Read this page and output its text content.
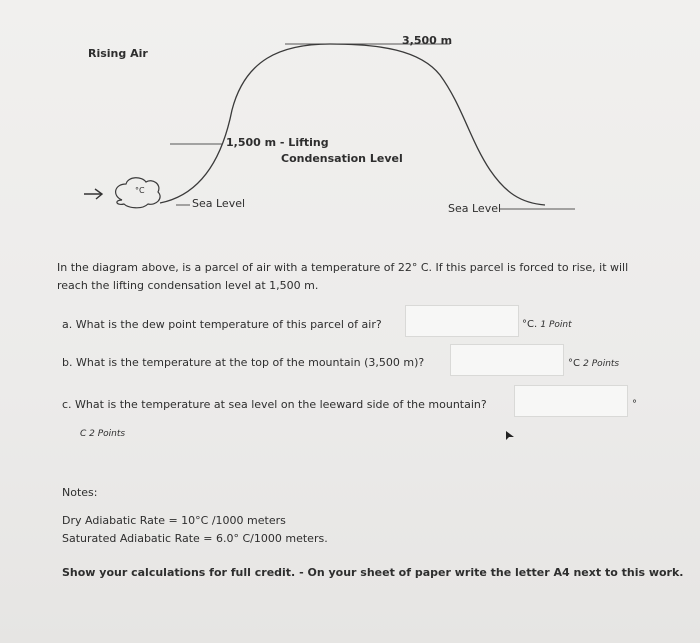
Rising Air
3,500 m
1,500 m - Lifting
Condensation Level
Sea Level	Sea Level
°C
In the diagram above, is a parcel of air with a temperature of 22° C. If this parcel is forced to rise, it will reach the lifting condensation level at 1,500 m.
a. What is the dew point temperature of this parcel of air?	°C. 1 Point
b. What is the temperature at the top of the mountain (3,500 m)?	°C 2 Points
c. What is the temperature at sea level on the leeward side of the mountain?	°
C 2 Points
Notes:
Dry Adiabatic Rate = 10°C /1000 meters
Saturated Adiabatic Rate = 6.0° C/1000 meters.
Show your calculations for full credit. - On your sheet of paper write the letter A4 next to this work.
